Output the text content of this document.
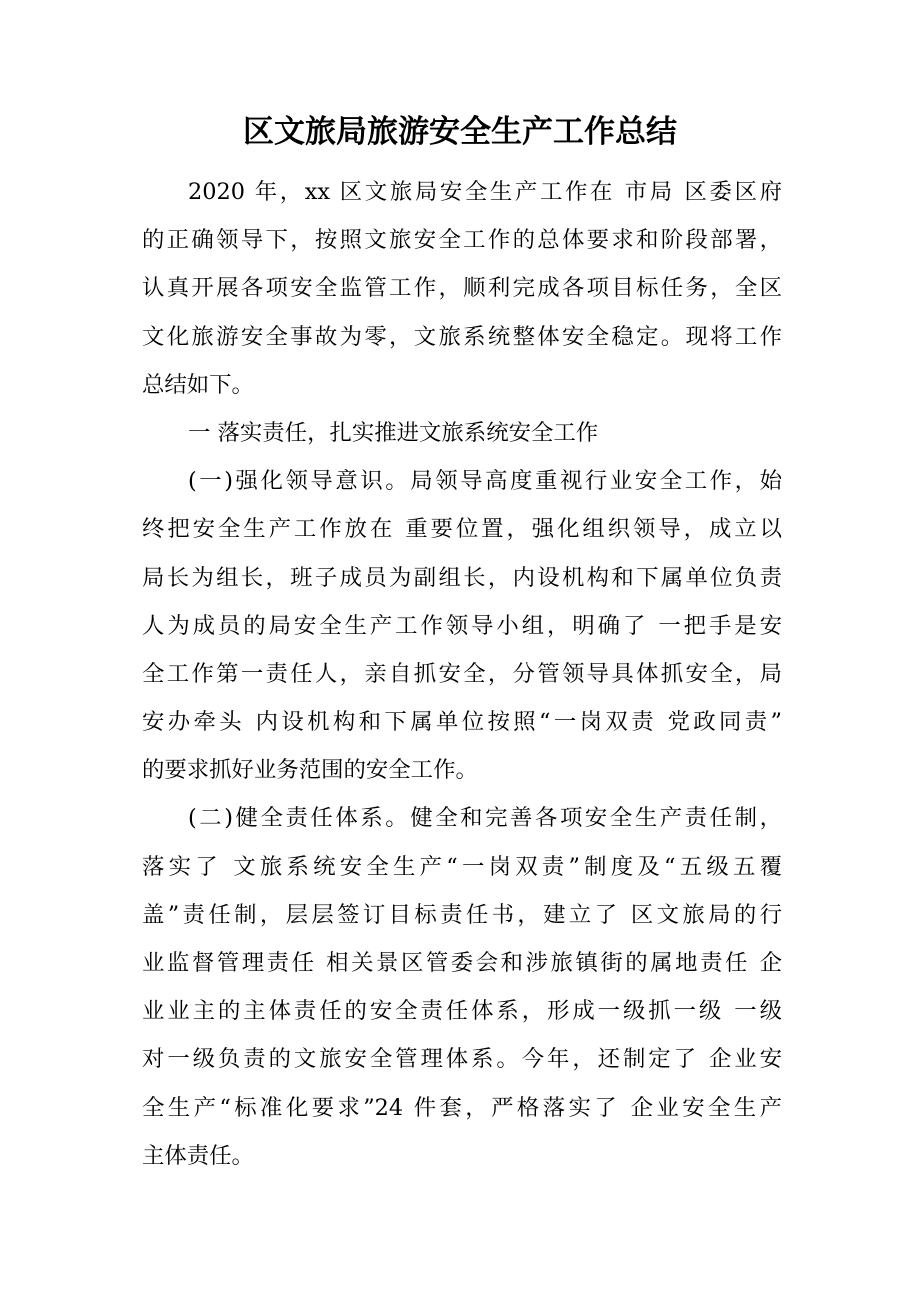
区文旅局旅游安全生产工作总结
2020 年，xx 区文旅局安全生产工作在 市局 区委区府
的正确领导下，按照文旅安全工作的总体要求和阶段部署，
认真开展各项安全监管工作，顺利完成各项目标任务，全区
文化旅游安全事故为零，文旅系统整体安全稳定。现将工作
总结如下。
一 落实责任，扎实推进文旅系统安全工作
(一)强化领导意识。局领导高度重视行业安全工作，始
终把安全生产工作放在 重要位置，强化组织领导，成立以
局长为组长，班子成员为副组长，内设机构和下属单位负责
人为成员的局安全生产工作领导小组，明确了 一把手是安
全工作第一责任人，亲自抓安全，分管领导具体抓安全，局
安办牵头 内设机构和下属单位按照“一岗双责 党政同责”
的要求抓好业务范围的安全工作。
(二)健全责任体系。健全和完善各项安全生产责任制，
落实了 文旅系统安全生产“一岗双责”制度及“五级五覆
盖”责任制，层层签订目标责任书，建立了 区文旅局的行
业监督管理责任 相关景区管委会和涉旅镇街的属地责任 企
业业主的主体责任的安全责任体系，形成一级抓一级 一级
对一级负责的文旅安全管理体系。今年，还制定了 企业安
全生产“标准化要求”24 件套，严格落实了 企业安全生产
主体责任。
